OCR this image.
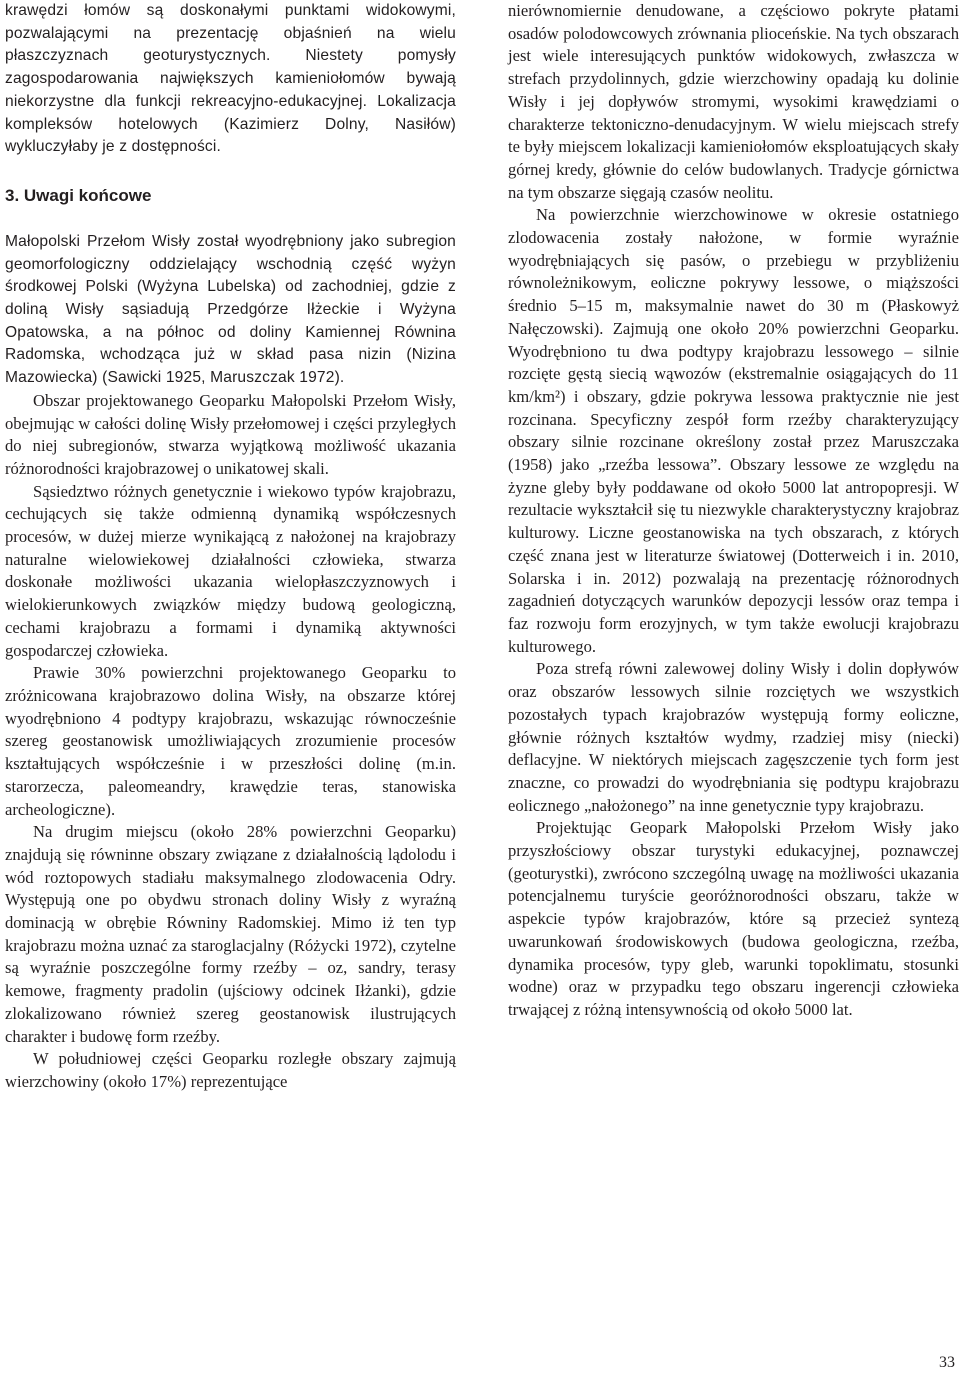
krawędzi łomów są doskonałymi punktami widokowymi, pozwalającymi na prezentację objaśnień na wielu płaszczyznach geoturystycznych. Niestety pomysły zagospodarowania największych kamieniołomów bywają niekorzystne dla funkcji rekreacyjno-edukacyjnej. Lokalizacja kompleksów hotelowych (Kazimierz Dolny, Nasiłów) wykluczyłaby je z dostępności.

3. Uwagi końcowe

Małopolski Przełom Wisły został wyodrębniony jako subregion geomorfologiczny oddzielający wschodnią część wyżyn środkowej Polski (Wyżyna Lubelska) od zachodniej, gdzie z doliną Wisły sąsiadują Przedgórze Iłżeckie i Wyżyna Opatowska, a na północ od doliny Kamiennej Równina Radomska, wchodząca już w skład pasa nizin (Nizina Mazowiecka) (Sawicki 1925, Maruszczak 1972).

Obszar projektowanego Geoparku Małopolski Przełom Wisły, obejmując w całości dolinę Wisły przełomowej i części przyległych do niej subregionów, stwarza wyjątkową możliwość ukazania różnorodności krajobrazowej o unikatowej skali.

Sąsiedztwo różnych genetycznie i wiekowo typów krajobrazu, cechujących się także odmienną dynamiką współczesnych procesów, w dużej mierze wynikającą z nałożonej na krajobrazy naturalne wielowiekowej działalności człowieka, stwarza doskonałe możliwości ukazania wielopłaszczyznowych i wielokierunkowych związków między budową geologiczną, cechami krajobrazu a formami i dynamiką aktywności gospodarczej człowieka.

Prawie 30% powierzchni projektowanego Geoparku to zróżnicowana krajobrazowo dolina Wisły, na obszarze której wyodrębniono 4 podtypy krajobrazu, wskazując równocześnie szereg geostanowisk umożliwiających zrozumienie procesów kształtujących współcześnie i w przeszłości dolinę (m.in. starorzecza, paleomeandry, krawędzie teras, stanowiska archeologiczne).

Na drugim miejscu (około 28% powierzchni Geoparku) znajdują się równinne obszary związane z działalnością lądolodu i wód roztopowych stadiału maksymalnego zlodowacenia Odry. Występują one po obydwu stronach doliny Wisły z wyraźną dominacją w obrębie Równiny Radomskiej. Mimo iż ten typ krajobrazu można uznać za staroglacjalny (Różycki 1972), czytelne są wyraźnie poszczególne formy rzeźby – oz, sandry, terasy kemowe, fragmenty pradolin (ujściowy odcinek Iłżanki), gdzie zlokalizowano również szereg geostanowisk ilustrujących charakter i budowę form rzeźby.

W południowej części Geoparku rozległe obszary zajmują wierzchowiny (około 17%) reprezentujące

nierównomiernie denudowane, a częściowo pokryte płatami osadów polodowcowych zrównania plioceńskie. Na tych obszarach jest wiele interesujących punktów widokowych, zwłaszcza w strefach przydolinnych, gdzie wierzchowiny opadają ku dolinie Wisły i jej dopływów stromymi, wysokimi krawędziami o charakterze tektoniczno-denudacyjnym. W wielu miejscach strefy te były miejscem lokalizacji kamieniołomów eksploatujących skały górnej kredy, głównie do celów budowlanych. Tradycje górnictwa na tym obszarze sięgają czasów neolitu.

Na powierzchnie wierzchowinowe w okresie ostatniego zlodowacenia zostały nałożone, w formie wyraźnie wyodrębniających się pasów, o przebiegu w przybliżeniu równoleżnikowym, eoliczne pokrywy lessowe, o miąższości średnio 5–15 m, maksymalnie nawet do 30 m (Płaskowyż Nałęczowski). Zajmują one około 20% powierzchni Geoparku. Wyodrębniono tu dwa podtypy krajobrazu lessowego – silnie rozcięte gęstą siecią wąwozów (ekstremalnie osiągających do 11 km/km²) i obszary, gdzie pokrywa lessowa praktycznie nie jest rozcinana. Specyficzny zespół form rzeźby charakteryzujący obszary silnie rozcinane określony został przez Maruszczaka (1958) jako „rzeźba lessowa”. Obszary lessowe ze względu na żyzne gleby były poddawane od około 5000 lat antropopresji. W rezultacie wykształcił się tu niezwykle charakterystyczny krajobraz kulturowy. Liczne geostanowiska na tych obszarach, z których część znana jest w literaturze światowej (Dotterweich i in. 2010, Solarska i in. 2012) pozwalają na prezentację różnorodnych zagadnień dotyczących warunków depozycji lessów oraz tempa i faz rozwoju form erozyjnych, w tym także ewolucji krajobrazu kulturowego.

Poza strefą równi zalewowej doliny Wisły i dolin dopływów oraz obszarów lessowych silnie rozciętych we wszystkich pozostałych typach krajobrazów występują formy eoliczne, głównie różnych kształtów wydmy, rzadziej misy (niecki) deflacyjne. W niektórych miejscach zagęszczenie tych form jest znaczne, co prowadzi do wyodrębniania się podtypu krajobrazu eolicznego „nałożonego” na inne genetycznie typy krajobrazu.

Projektując Geopark Małopolski Przełom Wisły jako przyszłościowy obszar turystyki edukacyjnej, poznawczej (geoturystki), zwrócono szczególną uwagę na możliwości ukazania potencjalnemu turyście georóżnorodności obszaru, także w aspekcie typów krajobrazów, które są przecież syntezą uwarunkowań środowiskowych (budowa geologiczna, rzeźba, dynamika procesów, typy gleb, warunki topoklimatu, stosunki wodne) oraz w przypadku tego obszaru ingerencji człowieka trwającej z różną intensywnością od około 5000 lat.

33
